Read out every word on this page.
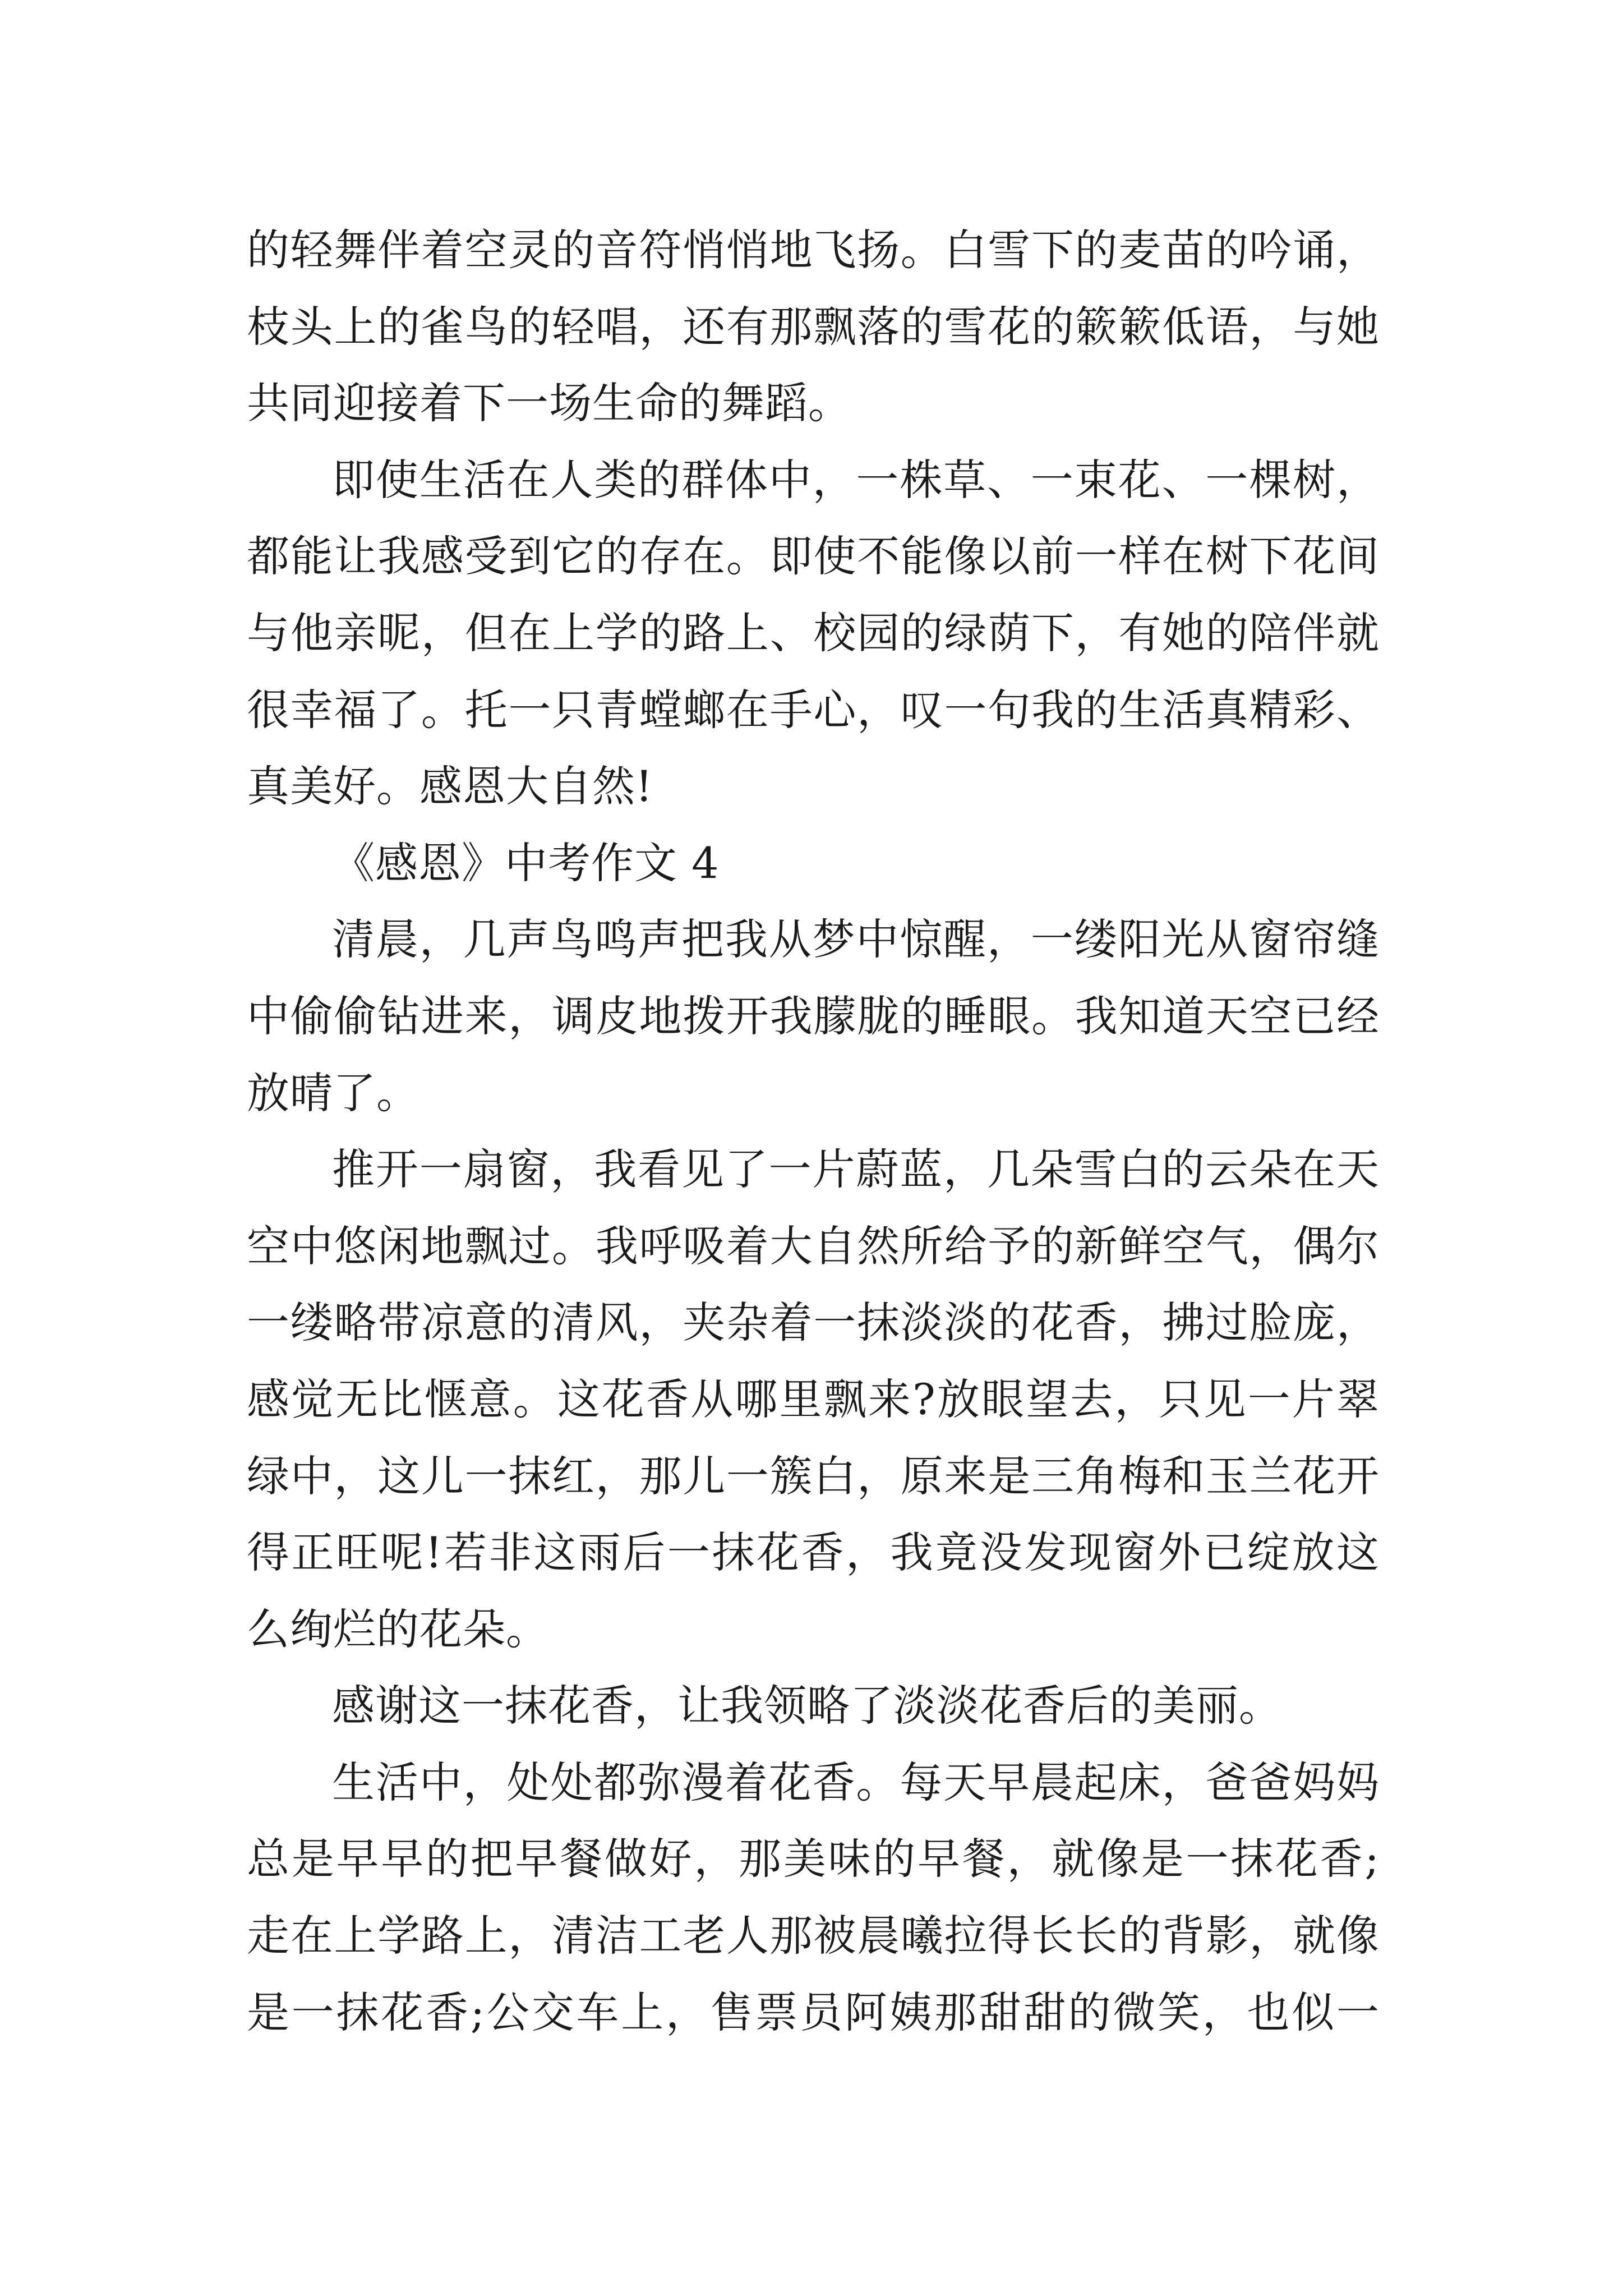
的轻舞伴着空灵的音符悄悄地飞扬。白雪下的麦苗的吟诵，
枝头上的雀鸟的轻唱，还有那飘落的雪花的簌簌低语，与她
共同迎接着下一场生命的舞蹈。
即使生活在人类的群体中，一株草、一束花、一棵树，
都能让我感受到它的存在。即使不能像以前一样在树下花间
与他亲昵，但在上学的路上、校园的绿荫下，有她的陪伴就
很幸福了。托一只青螳螂在手心，叹一句我的生活真精彩、
真美好。感恩大自然!
《感恩》中考作文 4
清晨，几声鸟鸣声把我从梦中惊醒，一缕阳光从窗帘缝
中偷偷钻进来，调皮地拨开我朦胧的睡眼。我知道天空已经
放晴了。
推开一扇窗，我看见了一片蔚蓝，几朵雪白的云朵在天
空中悠闲地飘过。我呼吸着大自然所给予的新鲜空气，偶尔
一缕略带凉意的清风，夹杂着一抹淡淡的花香，拂过脸庞，
感觉无比惬意。这花香从哪里飘来?放眼望去，只见一片翠
绿中，这儿一抹红，那儿一簇白，原来是三角梅和玉兰花开
得正旺呢!若非这雨后一抹花香，我竟没发现窗外已绽放这
么绚烂的花朵。
感谢这一抹花香，让我领略了淡淡花香后的美丽。
生活中，处处都弥漫着花香。每天早晨起床，爸爸妈妈
总是早早的把早餐做好，那美味的早餐，就像是一抹花香;
走在上学路上，清洁工老人那被晨曦拉得长长的背影，就像
是一抹花香;公交车上，售票员阿姨那甜甜的微笑，也似一
